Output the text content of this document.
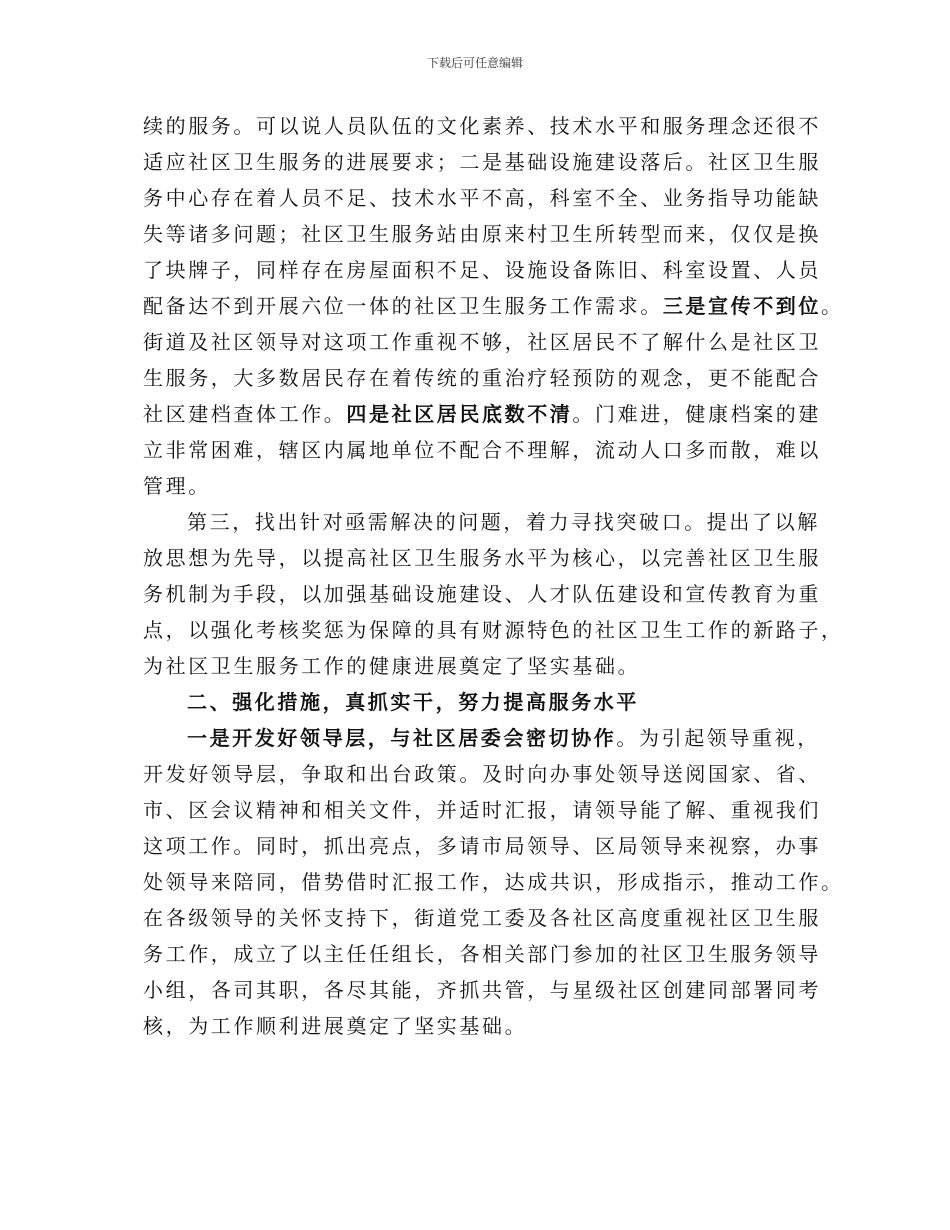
下载后可任意编辑
续的服务。可以说人员队伍的文化素养、技术水平和服务理念还很不
适应社区卫生服务的进展要求；二是基础设施建设落后。社区卫生服
务中心存在着人员不足、技术水平不高，科室不全、业务指导功能缺
失等诸多问题；社区卫生服务站由原来村卫生所转型而来，仅仅是换
了块牌子，同样存在房屋面积不足、设施设备陈旧、科室设置、人员
配备达不到开展六位一体的社区卫生服务工作需求。三是宣传不到位。
街道及社区领导对这项工作重视不够，社区居民不了解什么是社区卫
生服务，大多数居民存在着传统的重治疗轻预防的观念，更不能配合
社区建档查体工作。四是社区居民底数不清。门难进，健康档案的建
立非常困难，辖区内属地单位不配合不理解，流动人口多而散，难以
管理。
第三，找出针对亟需解决的问题，着力寻找突破口。提出了以解
放思想为先导，以提高社区卫生服务水平为核心，以完善社区卫生服
务机制为手段，以加强基础设施建设、人才队伍建设和宣传教育为重
点，以强化考核奖惩为保障的具有财源特色的社区卫生工作的新路子，
为社区卫生服务工作的健康进展奠定了坚实基础。
二、强化措施，真抓实干，努力提高服务水平
一是开发好领导层，与社区居委会密切协作。为引起领导重视，
开发好领导层，争取和出台政策。及时向办事处领导送阅国家、省、
市、区会议精神和相关文件，并适时汇报，请领导能了解、重视我们
这项工作。同时，抓出亮点，多请市局领导、区局领导来视察，办事
处领导来陪同，借势借时汇报工作，达成共识，形成指示，推动工作。
在各级领导的关怀支持下，街道党工委及各社区高度重视社区卫生服
务工作，成立了以主任任组长，各相关部门参加的社区卫生服务领导
小组，各司其职，各尽其能，齐抓共管，与星级社区创建同部署同考
核，为工作顺利进展奠定了坚实基础。
